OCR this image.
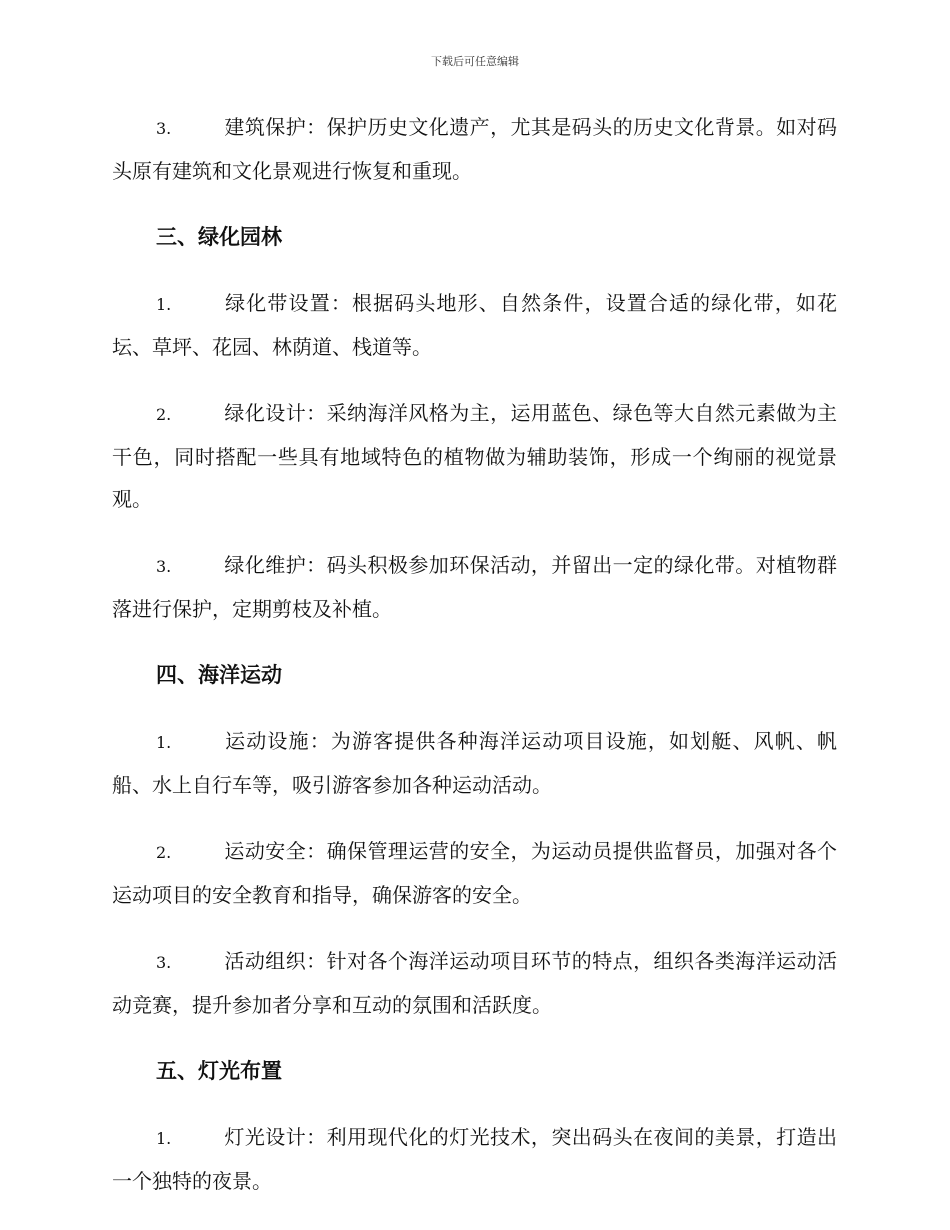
下载后可任意编辑

3.	建筑保护：保护历史文化遗产，尤其是码头的历史文化背景。如对码头原有建筑和文化景观进行恢复和重现。

三、绿化园林

1.	绿化带设置：根据码头地形、自然条件，设置合适的绿化带，如花坛、草坪、花园、林荫道、栈道等。

2.	绿化设计：采纳海洋风格为主，运用蓝色、绿色等大自然元素做为主干色，同时搭配一些具有地域特色的植物做为辅助装饰，形成一个绚丽的视觉景观。

3.	绿化维护：码头积极参加环保活动，并留出一定的绿化带。对植物群落进行保护，定期剪枝及补植。

四、海洋运动

1.	运动设施：为游客提供各种海洋运动项目设施，如划艇、风帆、帆船、水上自行车等，吸引游客参加各种运动活动。

2.	运动安全：确保管理运营的安全，为运动员提供监督员，加强对各个运动项目的安全教育和指导，确保游客的安全。

3.	活动组织：针对各个海洋运动项目环节的特点，组织各类海洋运动活动竞赛，提升参加者分享和互动的氛围和活跃度。

五、灯光布置

1.	灯光设计：利用现代化的灯光技术，突出码头在夜间的美景，打造出一个独特的夜景。
